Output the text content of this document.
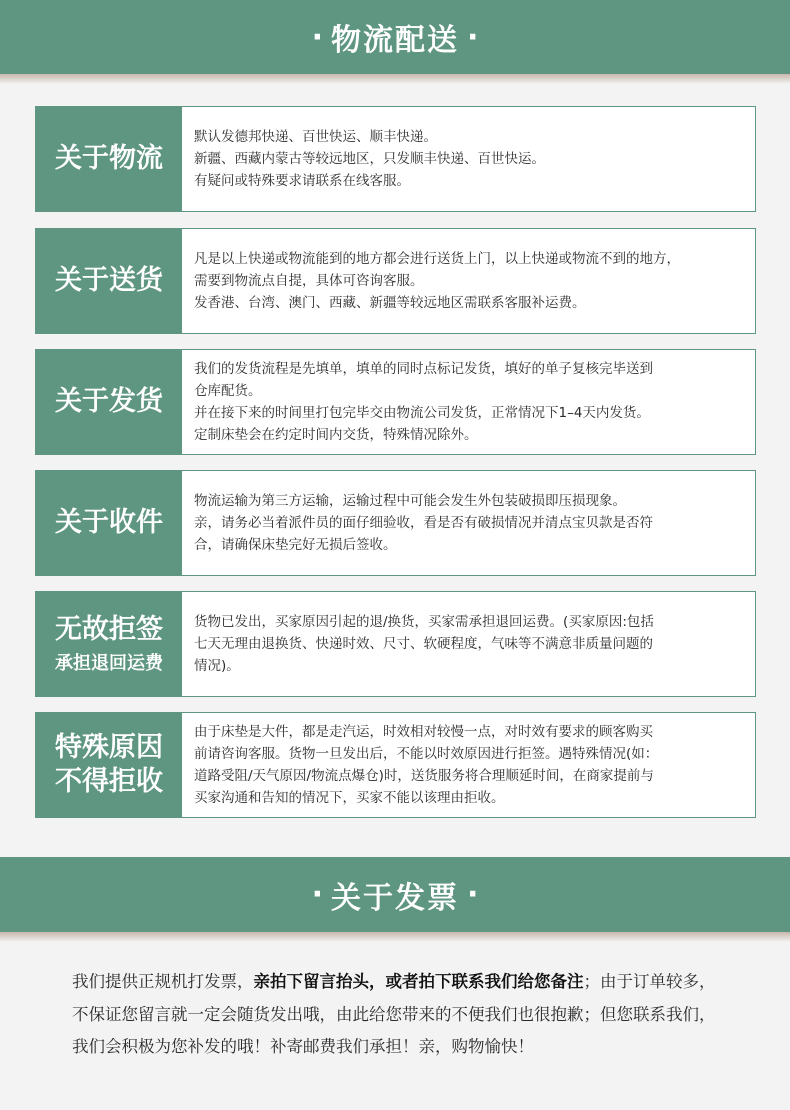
· 物流配送 ·
关于物流
默认发德邦快递、百世快运、顺丰快递。
新疆、西藏内蒙古等较远地区，只发顺丰快递、百世快运。
有疑问或特殊要求请联系在线客服。
关于送货
凡是以上快递或物流能到的地方都会进行送货上门，以上快递或物流不到的地方，
需要到物流点自提，具体可咨询客服。
发香港、台湾、澳门、西藏、新疆等较远地区需联系客服补运费。
关于发货
我们的发货流程是先填单，填单的同时点标记发货，填好的单子复核完毕送到
仓库配货。
并在接下来的时间里打包完毕交由物流公司发货，正常情况下1–4天内发货。
定制床垫会在约定时间内交货，特殊情况除外。
关于收件
物流运输为第三方运输，运输过程中可能会发生外包装破损即压损现象。
亲，请务必当着派件员的面仔细验收，看是否有破损情况并清点宝贝款是否符
合，请确保床垫完好无损后签收。
无故拒签
承担退回运费
货物已发出，买家原因引起的退/换货，买家需承担退回运费。(买家原因:包括
七天无理由退换货、快递时效、尺寸、软硬程度，气味等不满意非质量问题的
情况)。
特殊原因
不得拒收
由于床垫是大件，都是走汽运，时效相对较慢一点，对时效有要求的顾客购买
前请咨询客服。货物一旦发出后，不能以时效原因进行拒签。遇特殊情况(如：
道路受阻/天气原因/物流点爆仓)时，送货服务将合理顺延时间，在商家提前与
买家沟通和告知的情况下，买家不能以该理由拒收。
· 关于发票 ·
我们提供正规机打发票，亲拍下留言抬头，或者拍下联系我们给您备注；由于订单较多，不保证您留言就一定会随货发出哦，由此给您带来的不便我们也很抱歉；但您联系我们，我们会积极为您补发的哦！补寄邮费我们承担！亲，购物愉快！
